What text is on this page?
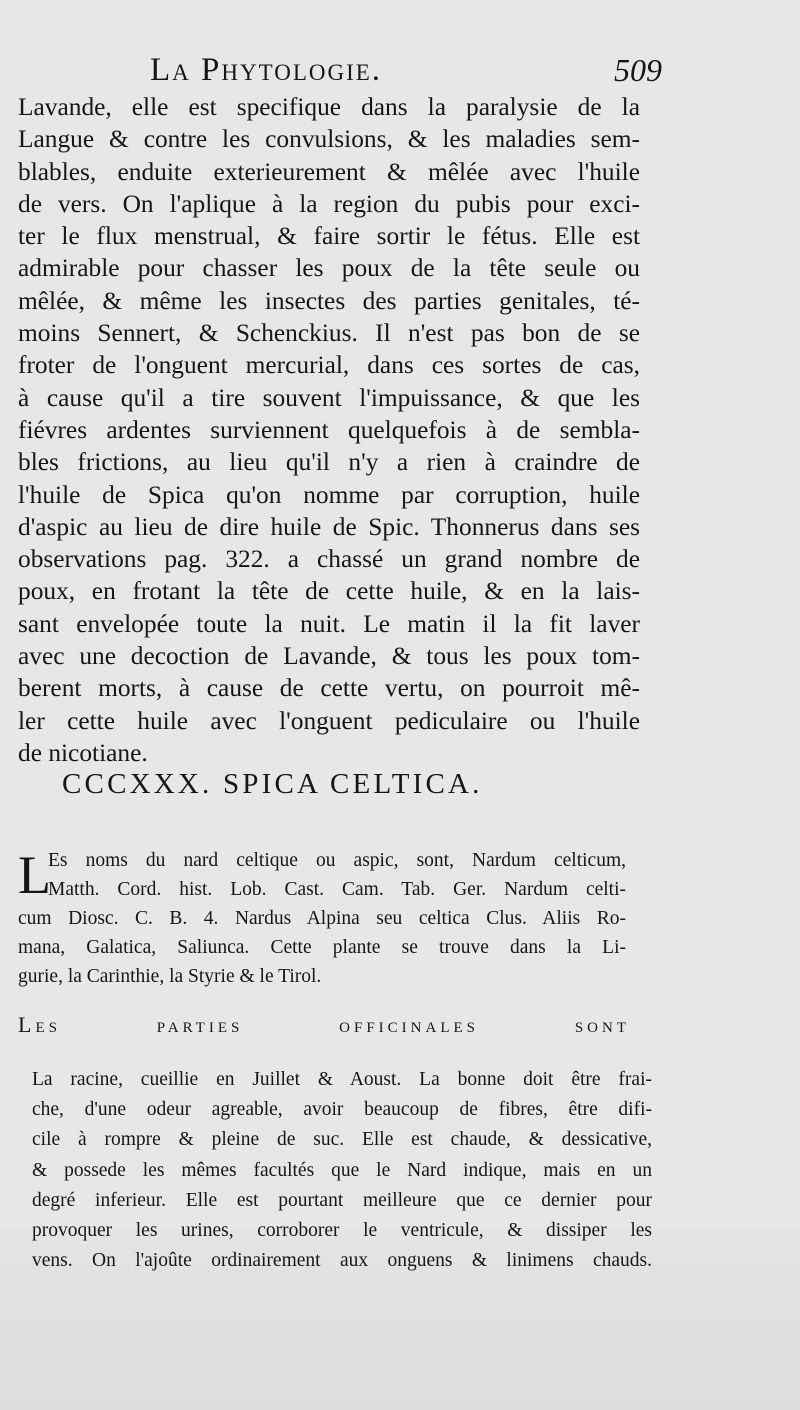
La Phytologie.	509
Lavande, elle est specifique dans la paralysie de la
Langue & contre les convulsions, & les maladies sem-
blables, enduite exterieurement & mêlée avec l'huile
de vers. On l'aplique à la region du pubis pour exci-
ter le flux menstrual, & faire sortir le fétus. Elle est
admirable pour chasser les poux de la tête seule ou
mêlée, & même les insectes des parties genitales, té-
moins Sennert, & Schenckius. Il n'est pas bon de se
froter de l'onguent mercurial, dans ces sortes de cas,
à cause qu'il a tire souvent l'impuissance, & que les
fiévres ardentes surviennent quelquefois à de sembla-
bles frictions, au lieu qu'il n'y a rien à craindre de
l'huile de Spica qu'on nomme par corruption, huile
d'aspic au lieu de dire huile de Spic. Thonnerus dans ses
observations pag. 322. a chassé un grand nombre de
poux, en frotant la tête de cette huile, & en la lais-
sant envelopée toute la nuit. Le matin il la fit laver
avec une decoction de Lavande, & tous les poux tom-
berent morts, à cause de cette vertu, on pourroit mê-
ler cette huile avec l'onguent pediculaire ou l'huile
de nicotiane.
CCCXXX. SPICA CELTICA.
L
Es noms du nard celtique ou aspic, sont, Nardum celticum,
Matth. Cord. hist. Lob. Cast. Cam. Tab. Ger. Nardum celti-
cum Diosc. C. B. 4. Nardus Alpina seu celtica Clus. Aliis Ro-
mana, Galatica, Saliunca. Cette plante se trouve dans la Li-
gurie, la Carinthie, la Styrie & le Tirol.
Les parties officinales sont
La racine, cueillie en Juillet & Aoust. La bonne doit être frai-
che, d'une odeur agreable, avoir beaucoup de fibres, être difi-
cile à rompre & pleine de suc. Elle est chaude, & dessicative,
& possede les mêmes facultés que le Nard indique, mais en un
degré inferieur. Elle est pourtant meilleure que ce dernier pour
provoquer les urines, corroborer le ventricule, & dissiper les
vens. On l'ajoûte ordinairement aux onguens & linimens chauds.
